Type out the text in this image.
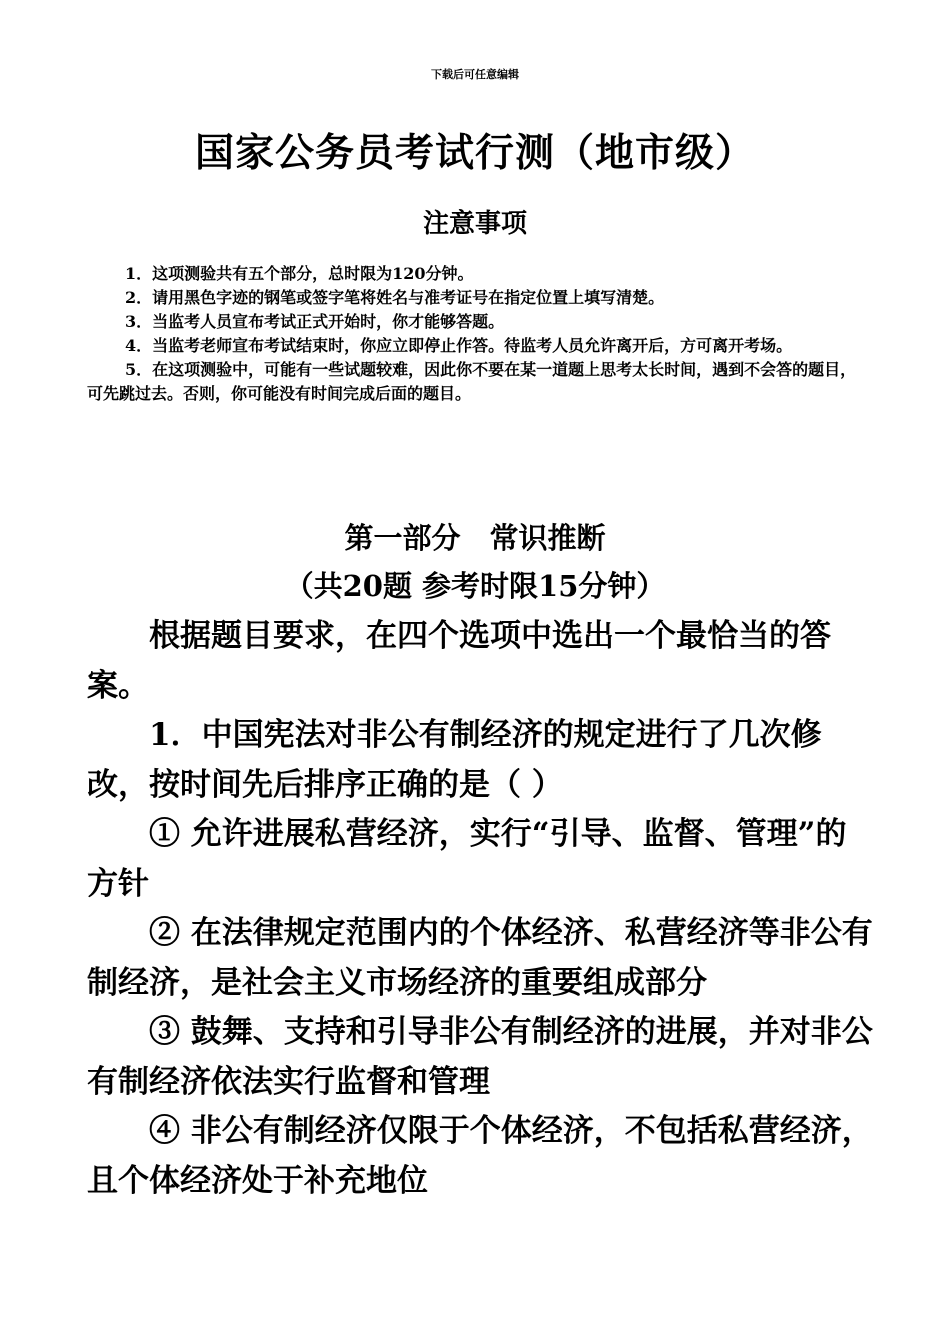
下载后可任意编辑
国家公务员考试行测（地市级）
注意事项

1．这项测验共有五个部分，总时限为120分钟。

2．请用黑色字迹的钢笔或签字笔将姓名与准考证号在指定位置上填写清楚。

3．当监考人员宣布考试正式开始时，你才能够答题。

4．当监考老师宣布考试结束时，你应立即停止作答。待监考人员允许离开后，方可离开考场。

5．在这项测验中，可能有一些试题较难，因此你不要在某一道题上思考太长时间，遇到不会答的题目，可先跳过去。否则，你可能没有时间完成后面的题目。

第一部分　常识推断
（共20题 参考时限15分钟）

根据题目要求，在四个选项中选出一个最恰当的答案。

1．中国宪法对非公有制经济的规定进行了几次修改，按时间先后排序正确的是（ ）

① 允许进展私营经济，实行“引导、监督、管理”的方针

② 在法律规定范围内的个体经济、私营经济等非公有制经济，是社会主义市场经济的重要组成部分

③ 鼓舞、支持和引导非公有制经济的进展，并对非公有制经济依法实行监督和管理

④ 非公有制经济仅限于个体经济，不包括私营经济，且个体经济处于补充地位
